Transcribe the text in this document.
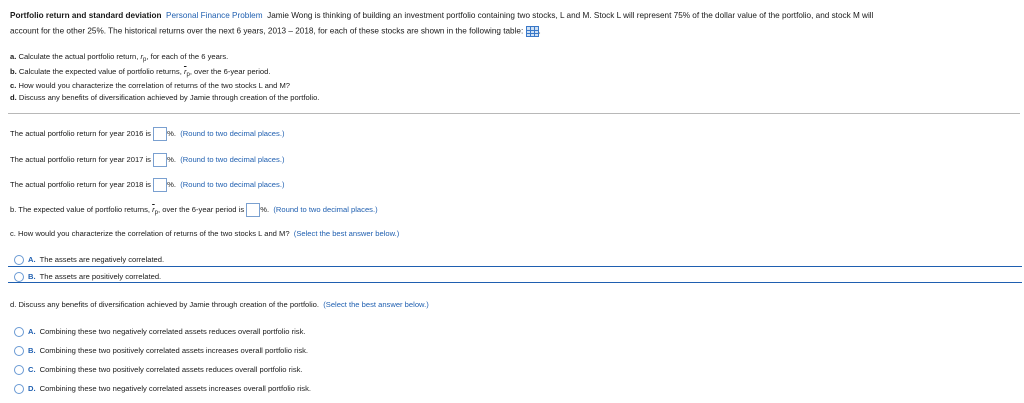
Portfolio return and standard deviation Personal Finance Problem Jamie Wong is thinking of building an investment portfolio containing two stocks, L and M. Stock L will represent 75% of the dollar value of the portfolio, and stock M will
account for the other 25%. The historical returns over the next 6 years, 2013 – 2018, for each of these stocks are shown in the following table: .
a. Calculate the actual portfolio return, $r_p$, for each of the 6 years.
b. Calculate the expected value of portfolio returns, $\overline{r}_p$, over the 6-year period.
c. How would you characterize the correlation of returns of the two stocks L and M?
d. Discuss any benefits of diversification achieved by Jamie through creation of the portfolio.
The actual portfolio return for year 2016 is %. (Round to two decimal places.)
The actual portfolio return for year 2017 is %. (Round to two decimal places.)
The actual portfolio return for year 2018 is %. (Round to two decimal places.)
b. The expected value of portfolio returns, $\overline{r}_p$, over the 6-year period is %. (Round to two decimal places.)
c. How would you characterize the correlation of returns of the two stocks L and M? (Select the best answer below.)
A. The assets are negatively correlated.
B. The assets are positively correlated.
d. Discuss any benefits of diversification achieved by Jamie through creation of the portfolio. (Select the best answer below.)
A. Combining these two negatively correlated assets reduces overall portfolio risk.
B. Combining these two positively correlated assets increases overall portfolio risk.
C. Combining these two positively correlated assets reduces overall portfolio risk.
D. Combining these two negatively correlated assets increases overall portfolio risk.
